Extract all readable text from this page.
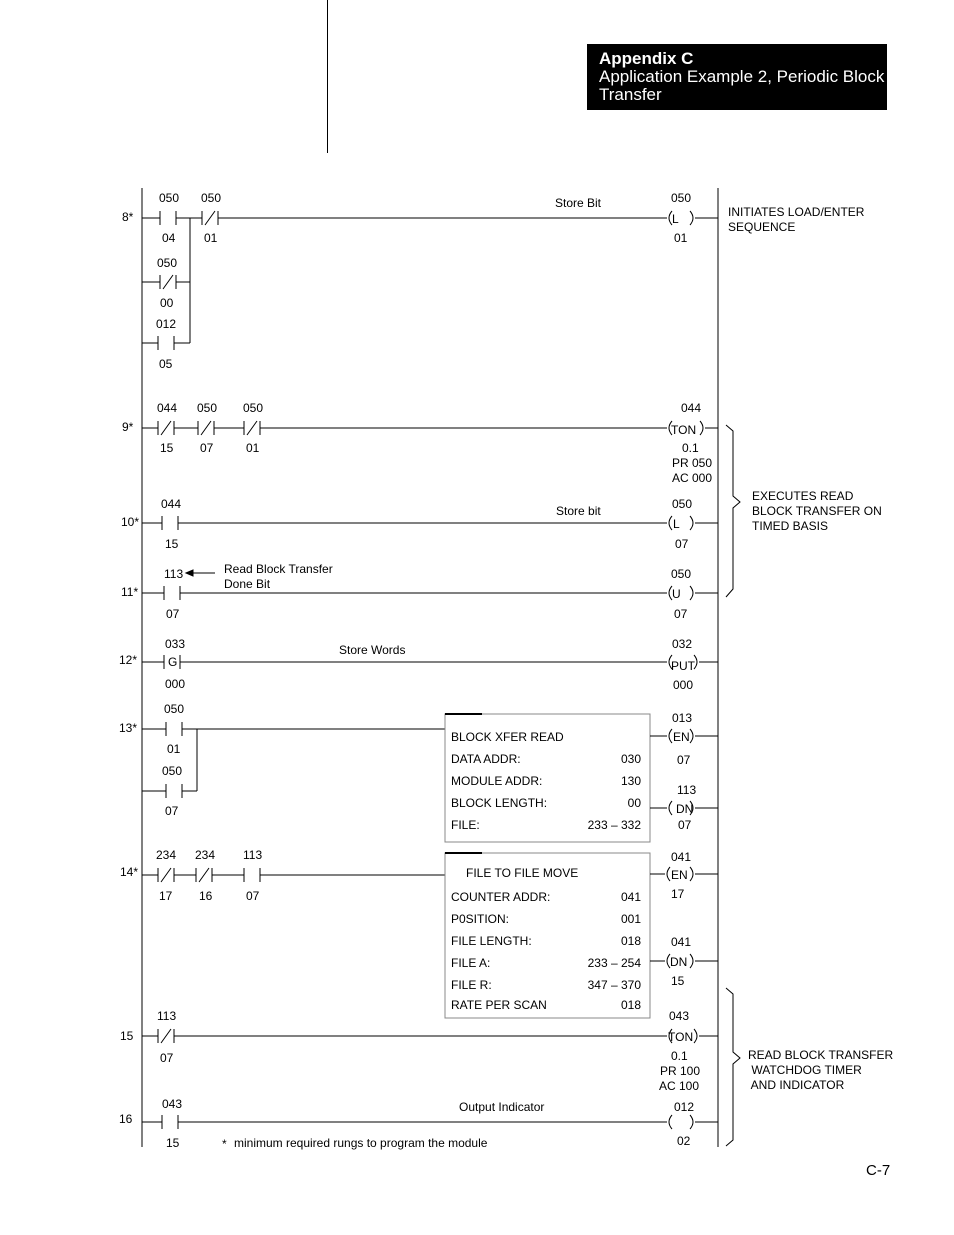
Appendix C
Application Example 2, Periodic Block
Transfer
8*
9*
10*
11*
12*
13*
14*
15
16
050
04
050
01
050
00
012
05
Store Bit	050
L
01
044
15
050
07
050
01
044
TON
0.1
PR 050
AC 000
044
15
Store bit	050
L
07
113
07
Read Block Transfer
Done Bit
050
U
07
033
G
000
Store Words	032
PUT
000
050
01
050
07
BLOCK XFER READ
DATA ADDR:	030
MODULE ADDR:	130
BLOCK LENGTH:	00
FILE:	233 – 332
013
EN
07
113
DN
07
234
17
234
16
113
07
FILE TO FILE MOVE
COUNTER ADDR:	041
P0SITION:	001
FILE LENGTH:	018
FILE A:	233 – 254
FILE R:	347 – 370
RATE PER SCAN	018
041
EN
17
041
DN
15
113
07
043
TON
0.1
PR 100
AC 100
043
15
Output Indicator	012
02
INITIATES LOAD/ENTER
SEQUENCE
EXECUTES READ
BLOCK TRANSFER ON
TIMED BASIS
READ BLOCK TRANSFER
WATCHDOG TIMER
AND INDICATOR
* minimum required rungs to program the module
C-7
